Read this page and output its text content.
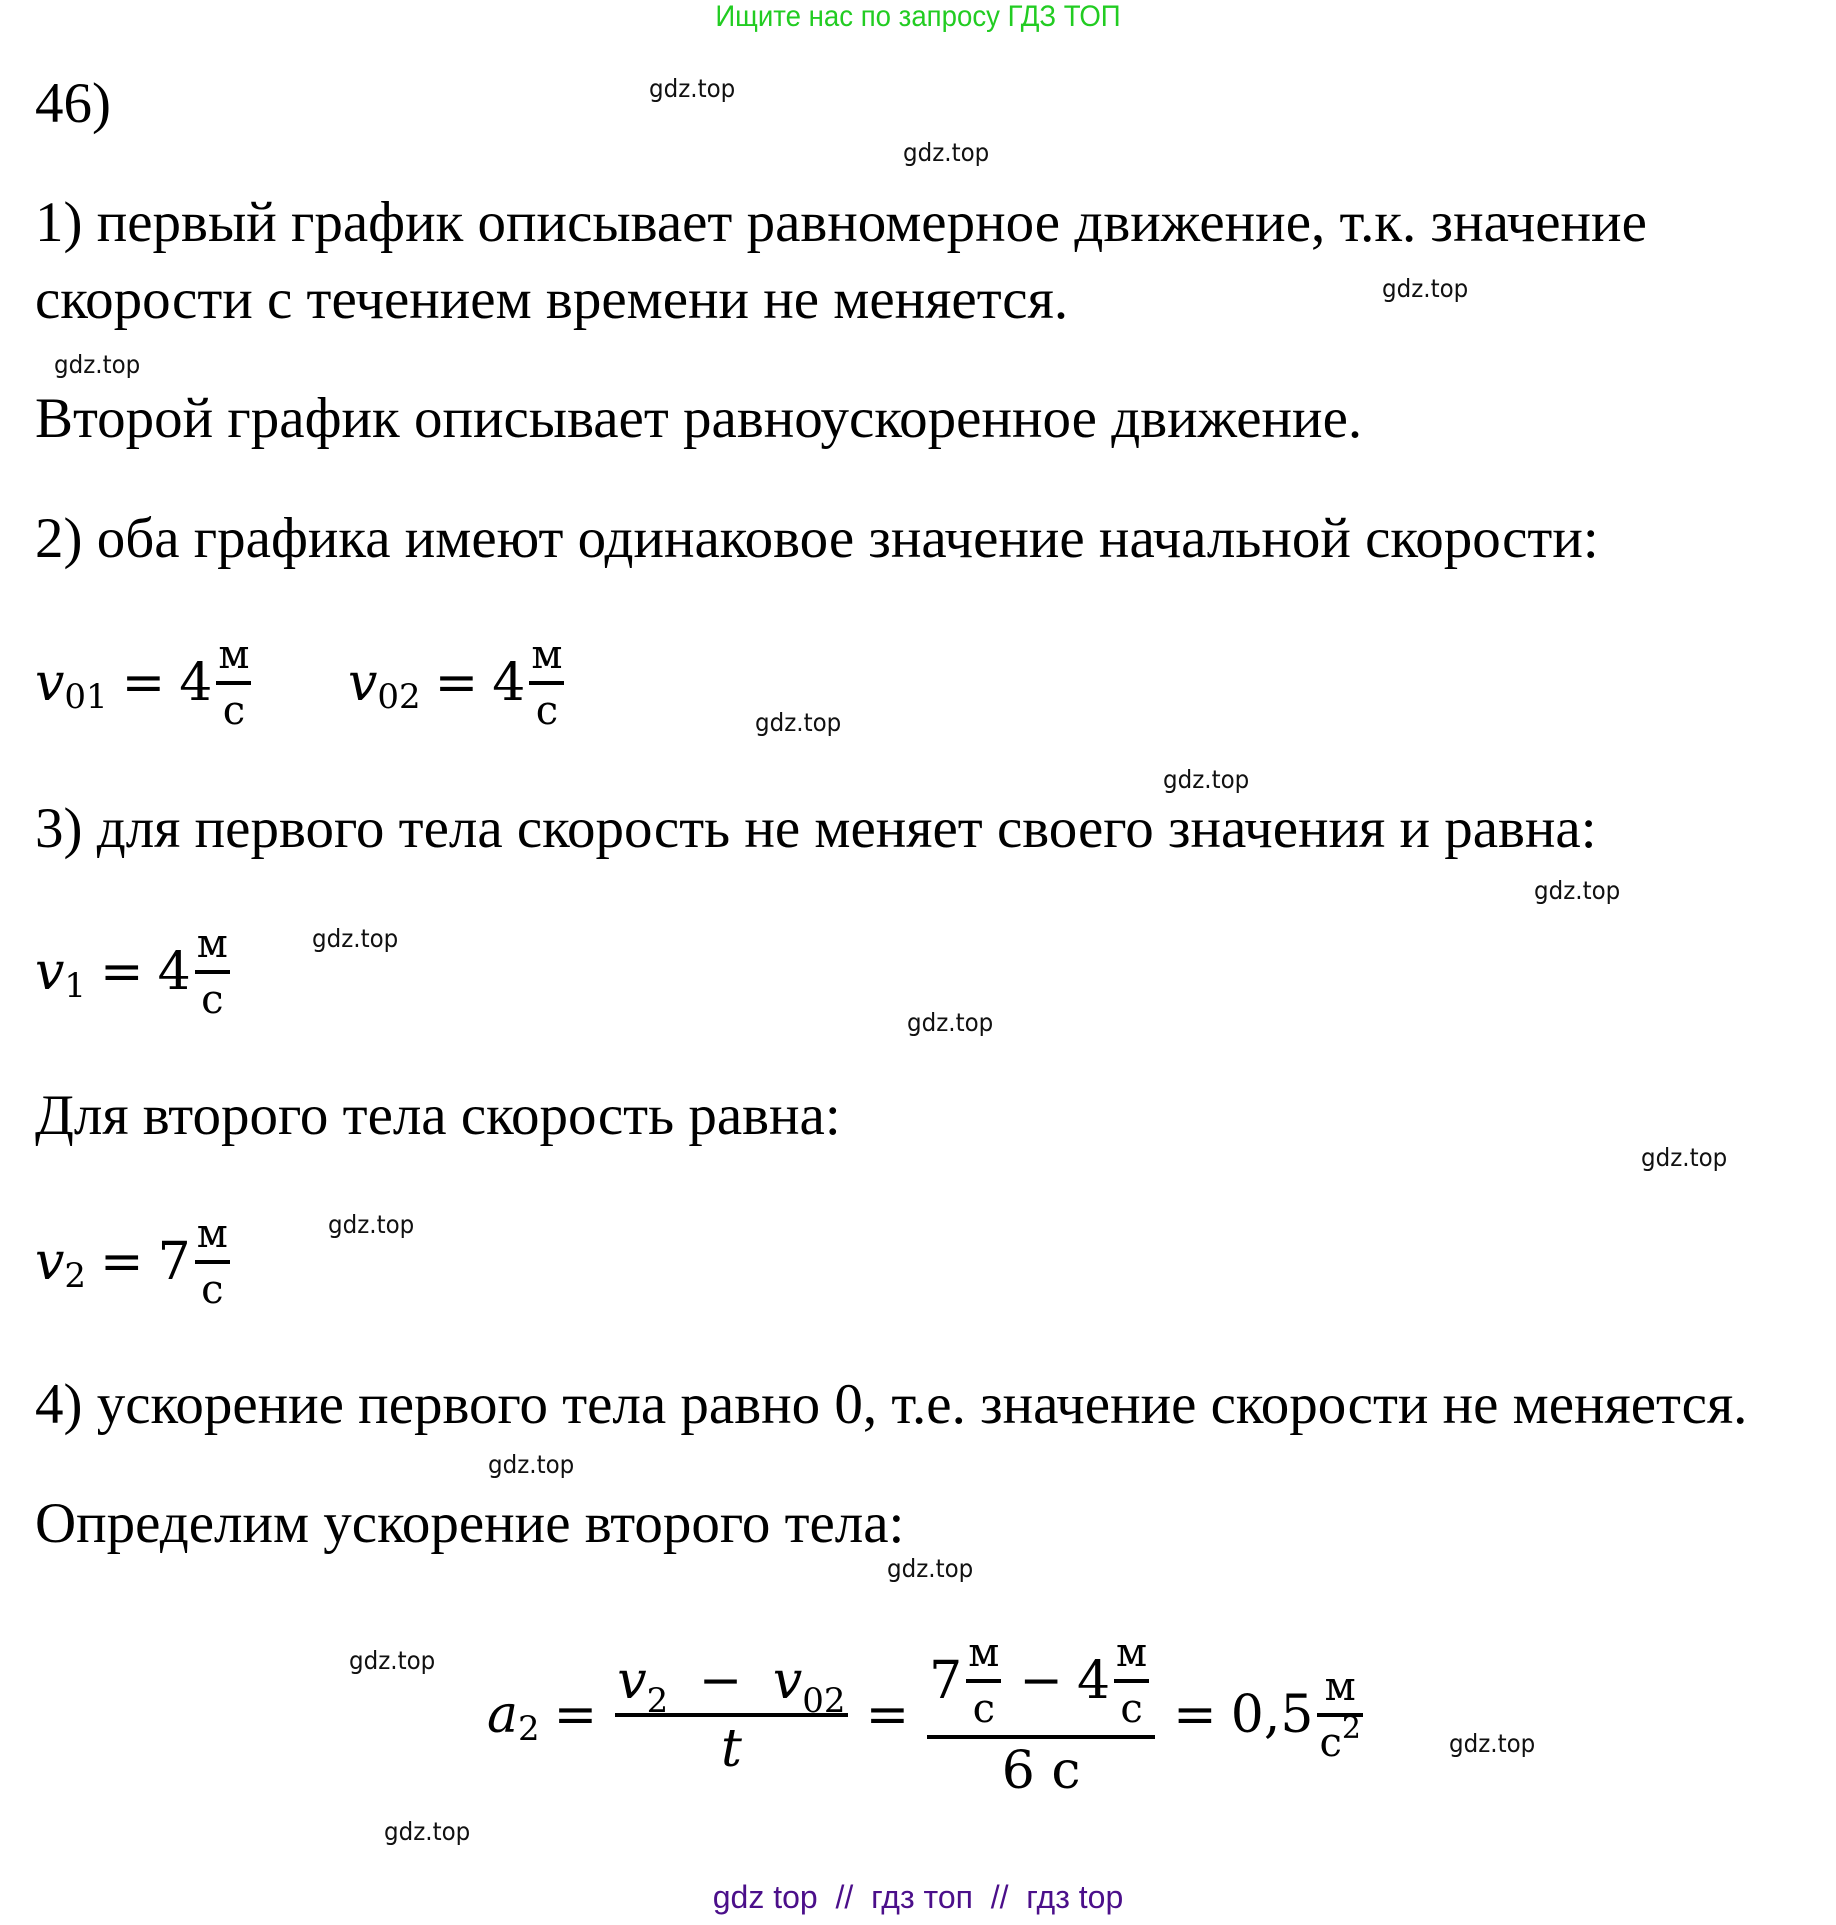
Ищите нас по запросу ГДЗ ТОП
46)
1) первый график описывает равномерное движение, т.к. значение
скорости с течением времени не меняется.
Второй график описывает равноускоренное движение.
2) оба графика имеют одинаковое значение начальной скорости:
v $01 = 4 \frac{м}{с}$ v $02 = 4 \frac{м}{с}$
3) для первого тела скорость не меняет своего значения и равна:
v $1 = 4 \frac{м}{с}$
Для второго тела скорость равна:
v $2 = 7 \frac{м}{с}$
4) ускорение первого тела равно 0, т.е. значение скорости не меняется.
Определим ускорение второго тела:
a $2 = \frac{v_2 - v_{02}}{t}$ =
$7 \frac{м}{с} - 4 \frac{м}{с}$
6 с
= $0,5 \frac{м}{с^2}$
gdz.top
gdz.top
gdz.top
gdz.top
gdz.top
gdz.top
gdz.top
gdz.top
gdz.top
gdz.top
gdz.top
gdz.top
gdz.top
gdz.top
gdz.top
gdz.top
gdz top  //  гдз топ  //  гдз top
